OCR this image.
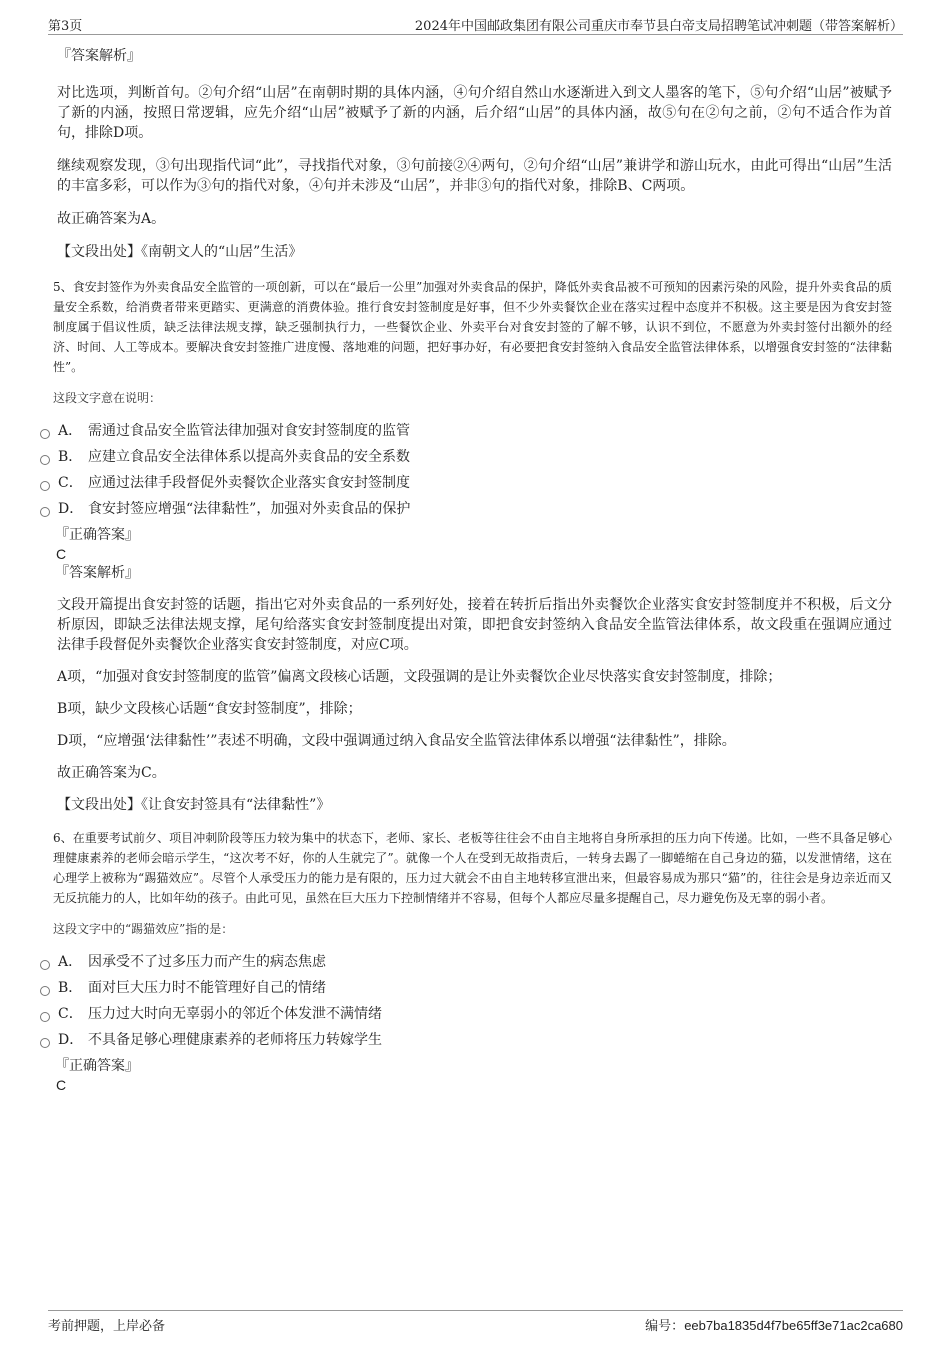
第3页	2024年中国邮政集团有限公司重庆市奉节县白帝支局招聘笔试冲刺题（带答案解析）
『答案解析』

对比选项，判断首句。②句介绍“山居”在南朝时期的具体内涵，④句介绍自然山水逐渐进入到文人墨客的笔下，⑤句介绍“山居”被赋予了新的内涵，按照日常逻辑，应先介绍“山居”被赋予了新的内涵，后介绍“山居”的具体内涵，故⑤句在②句之前，②句不适合作为首句，排除D项。

继续观察发现，③句出现指代词“此”，寻找指代对象，③句前接②④两句，②句介绍“山居”兼讲学和游山玩水，由此可得出“山居”生活的丰富多彩，可以作为③句的指代对象，④句并未涉及“山居”，并非③句的指代对象，排除B、C两项。

故正确答案为A。

【文段出处】《南朝文人的“山居”生活》

5、食安封签作为外卖食品安全监管的一项创新，可以在“最后一公里”加强对外卖食品的保护，降低外卖食品被不可预知的因素污染的风险，提升外卖食品的质量安全系数，给消费者带来更踏实、更满意的消费体验。推行食安封签制度是好事，但不少外卖餐饮企业在落实过程中态度并不积极。这主要是因为食安封签制度属于倡议性质，缺乏法律法规支撑，缺乏强制执行力，一些餐饮企业、外卖平台对食安封签的了解不够，认识不到位，不愿意为外卖封签付出额外的经济、时间、人工等成本。要解决食安封签推广进度慢、落地难的问题，把好事办好，有必要把食安封签纳入食品安全监管法律体系，以增强食安封签的“法律黏性”。

这段文字意在说明：
A． 需通过食品安全监管法律加强对食安封签制度的监管
B． 应建立食品安全法律体系以提高外卖食品的安全系数
C． 应通过法律手段督促外卖餐饮企业落实食安封签制度
D． 食安封签应增强“法律黏性”，加强对外卖食品的保护
『正确答案』
C
『答案解析』

文段开篇提出食安封签的话题，指出它对外卖食品的一系列好处，接着在转折后指出外卖餐饮企业落实食安封签制度并不积极，后文分析原因，即缺乏法律法规支撑，尾句给落实食安封签制度提出对策，即把食安封签纳入食品安全监管法律体系，故文段重在强调应通过法律手段督促外卖餐饮企业落实食安封签制度，对应C项。

A项，“加强对食安封签制度的监管”偏离文段核心话题，文段强调的是让外卖餐饮企业尽快落实食安封签制度，排除；

B项，缺少文段核心话题“食安封签制度”，排除；

D项，“应增强‘法律黏性’”表述不明确，文段中强调通过纳入食品安全监管法律体系以增强“法律黏性”，排除。

故正确答案为C。

【文段出处】《让食安封签具有“法律黏性”》

6、在重要考试前夕、项目冲刺阶段等压力较为集中的状态下，老师、家长、老板等往往会不由自主地将自身所承担的压力向下传递。比如，一些不具备足够心理健康素养的老师会暗示学生，“这次考不好，你的人生就完了”。就像一个人在受到无故指责后，一转身去踢了一脚蜷缩在自己身边的猫，以发泄情绪，这在心理学上被称为“踢猫效应”。尽管个人承受压力的能力是有限的，压力过大就会不由自主地转移宣泄出来，但最容易成为那只“猫”的，往往会是身边亲近而又无反抗能力的人，比如年幼的孩子。由此可见，虽然在巨大压力下控制情绪并不容易，但每个人都应尽量多提醒自己，尽力避免伤及无辜的弱小者。

这段文字中的“踢猫效应”指的是：
A． 因承受不了过多压力而产生的病态焦虑
B． 面对巨大压力时不能管理好自己的情绪
C． 压力过大时向无辜弱小的邻近个体发泄不满情绪
D． 不具备足够心理健康素养的老师将压力转嫁学生
『正确答案』
C
考前押题，上岸必备	编号：eeb7ba1835d4f7be65ff3e71ac2ca680
